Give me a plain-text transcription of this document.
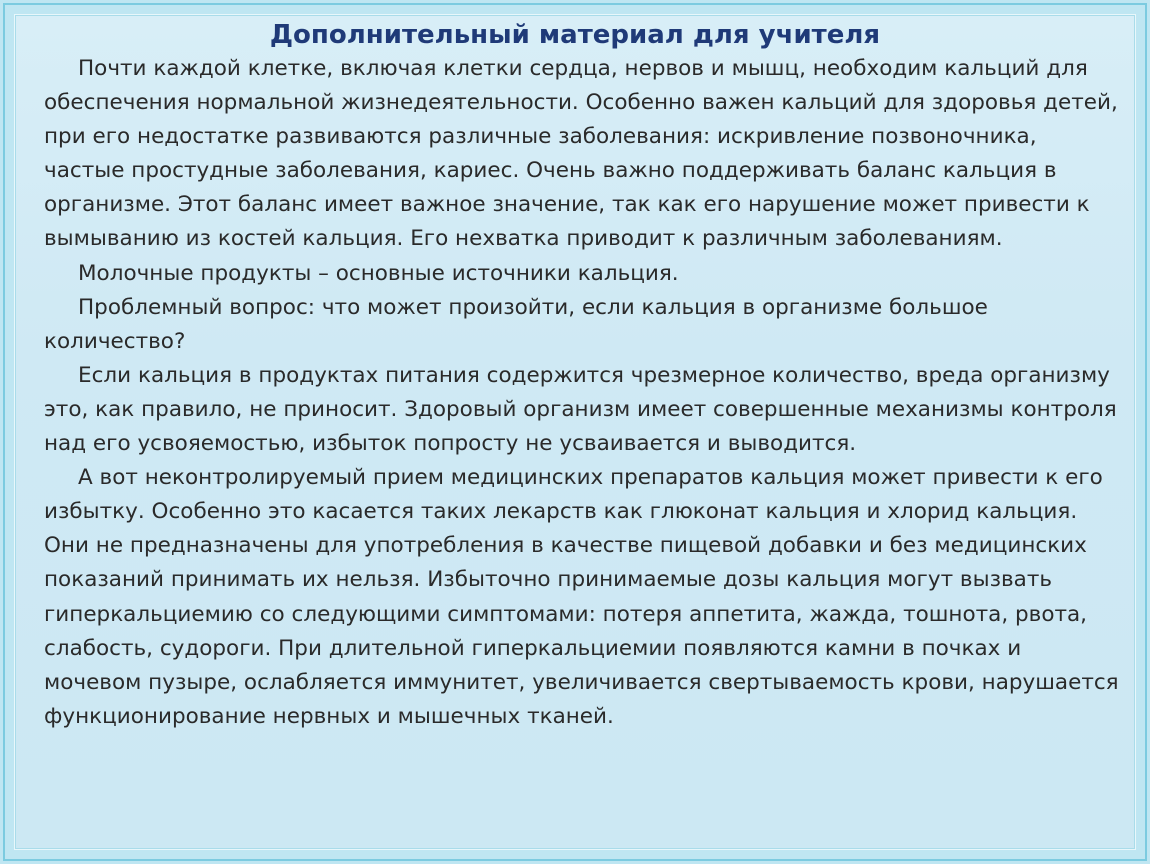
Дополнительный материал для учителя

Почти каждой клетке, включая клетки сердца, нервов и мышц, необходим кальций для обеспечения нормальной жизнедеятельности. Особенно важен кальций для здоровья детей, при его недостатке развиваются различные заболевания: искривление позвоночника, частые простудные заболевания, кариес. Очень важно поддерживать баланс кальция в организме. Этот баланс имеет важное значение, так как его нарушение может привести к вымыванию из костей кальция. Его нехватка приводит к различным заболеваниям.

Молочные продукты – основные источники кальция.

Проблемный вопрос: что может произойти, если кальция в организме большое количество?

Если кальция в продуктах питания содержится чрезмерное количество, вреда организму это, как правило, не приносит. Здоровый организм имеет совершенные механизмы контроля над его усвояемостью, избыток попросту не усваивается и выводится.

А вот неконтролируемый прием медицинских препаратов кальция может привести к его избытку. Особенно это касается таких лекарств как глюконат кальция и хлорид кальция. Они не предназначены для употребления в качестве пищевой добавки и без медицинских показаний принимать их нельзя. Избыточно принимаемые дозы кальция могут вызвать гиперкальциемию со следующими симптомами: потеря аппетита, жажда, тошнота, рвота, слабость, судороги. При длительной гиперкальциемии появляются камни в почках и мочевом пузыре, ослабляется иммунитет, увеличивается свертываемость крови, нарушается функционирование нервных и мышечных тканей.
